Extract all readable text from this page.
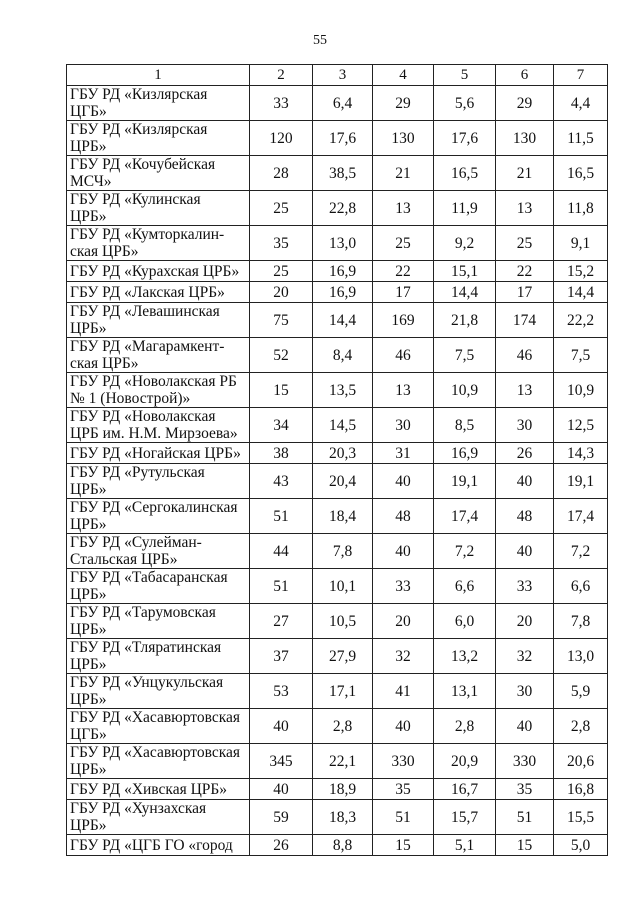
55
1	2	3	4	5	6	7
ГБУ РД «Кизлярская
ЦГБ»	33	6,4	29	5,6	29	4,4
ГБУ РД «Кизлярская
ЦРБ»	120	17,6	130	17,6	130	11,5
ГБУ РД «Кочубейская
МСЧ»	28	38,5	21	16,5	21	16,5
ГБУ РД «Кулинская
ЦРБ»	25	22,8	13	11,9	13	11,8
ГБУ РД «Кумторкалин-
ская ЦРБ»	35	13,0	25	9,2	25	9,1
ГБУ РД «Курахская ЦРБ»	25	16,9	22	15,1	22	15,2
ГБУ РД «Лакская ЦРБ»	20	16,9	17	14,4	17	14,4
ГБУ РД «Левашинская
ЦРБ»	75	14,4	169	21,8	174	22,2
ГБУ РД «Магарамкент-
ская ЦРБ»	52	8,4	46	7,5	46	7,5
ГБУ РД «Новолакская РБ
№ 1 (Новострой)»	15	13,5	13	10,9	13	10,9
ГБУ РД «Новолакская
ЦРБ им. Н.М. Мирзоева»	34	14,5	30	8,5	30	12,5
ГБУ РД «Ногайская ЦРБ»	38	20,3	31	16,9	26	14,3
ГБУ РД «Рутульская
ЦРБ»	43	20,4	40	19,1	40	19,1
ГБУ РД «Сергокалинская
ЦРБ»	51	18,4	48	17,4	48	17,4
ГБУ РД «Сулейман-
Стальская ЦРБ»	44	7,8	40	7,2	40	7,2
ГБУ РД «Табасаранская
ЦРБ»	51	10,1	33	6,6	33	6,6
ГБУ РД «Тарумовская
ЦРБ»	27	10,5	20	6,0	20	7,8
ГБУ РД «Тляратинская
ЦРБ»	37	27,9	32	13,2	32	13,0
ГБУ РД «Унцукульская
ЦРБ»	53	17,1	41	13,1	30	5,9
ГБУ РД «Хасавюртовская
ЦГБ»	40	2,8	40	2,8	40	2,8
ГБУ РД «Хасавюртовская
ЦРБ»	345	22,1	330	20,9	330	20,6
ГБУ РД «Хивская ЦРБ»	40	18,9	35	16,7	35	16,8
ГБУ РД «Хунзахская
ЦРБ»	59	18,3	51	15,7	51	15,5
ГБУ РД «ЦГБ ГО «город	26	8,8	15	5,1	15	5,0
